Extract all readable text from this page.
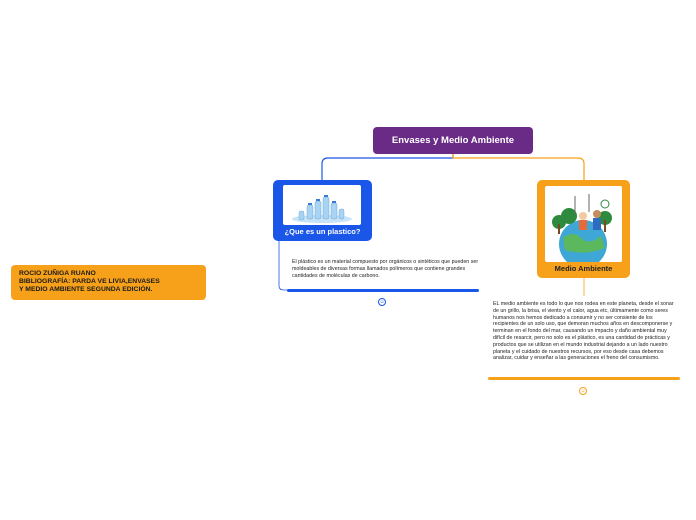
Envases y Medio Ambiente
¿Que es un plastico?
El plástico es un material compuesto por orgánicos o sintéticos que pueden ser moldeables de diversas formas llamados polímeros que contiene grandes cantidades de moléculas de carbono.
☺
Medio Ambiente
EL medio ambiente es todo lo que nos rodea en este planeta, desde el sonar de un grillo, la brisa, el viento y el calor, agua etc, últimamente como seres humanos nos hemos dedicado a consumir y no ser consiente de los recipientes de un solo uso, que demoran muchos años en descomponerse y terminan en el fondo del mar, causando un impacto y daño ambiental muy difícil de resarcir, pero no solo es el plástico, es una cantidad de prácticas y productos que se utilizan en el mundo industrial dejando a un lado nuestro planeta y el cuidado de nuestros recursos, por eso desde casa debemos analizar, cuidar y enseñar a las generaciones el freno del consumismo.
☺
ROCIO ZUÑIGA RUANO
BIBLIOGRAFÍA: PARDA VE LIVIA,ENVASES
Y MEDIO AMBIENTE SEGUNDA EDICIÓN.
